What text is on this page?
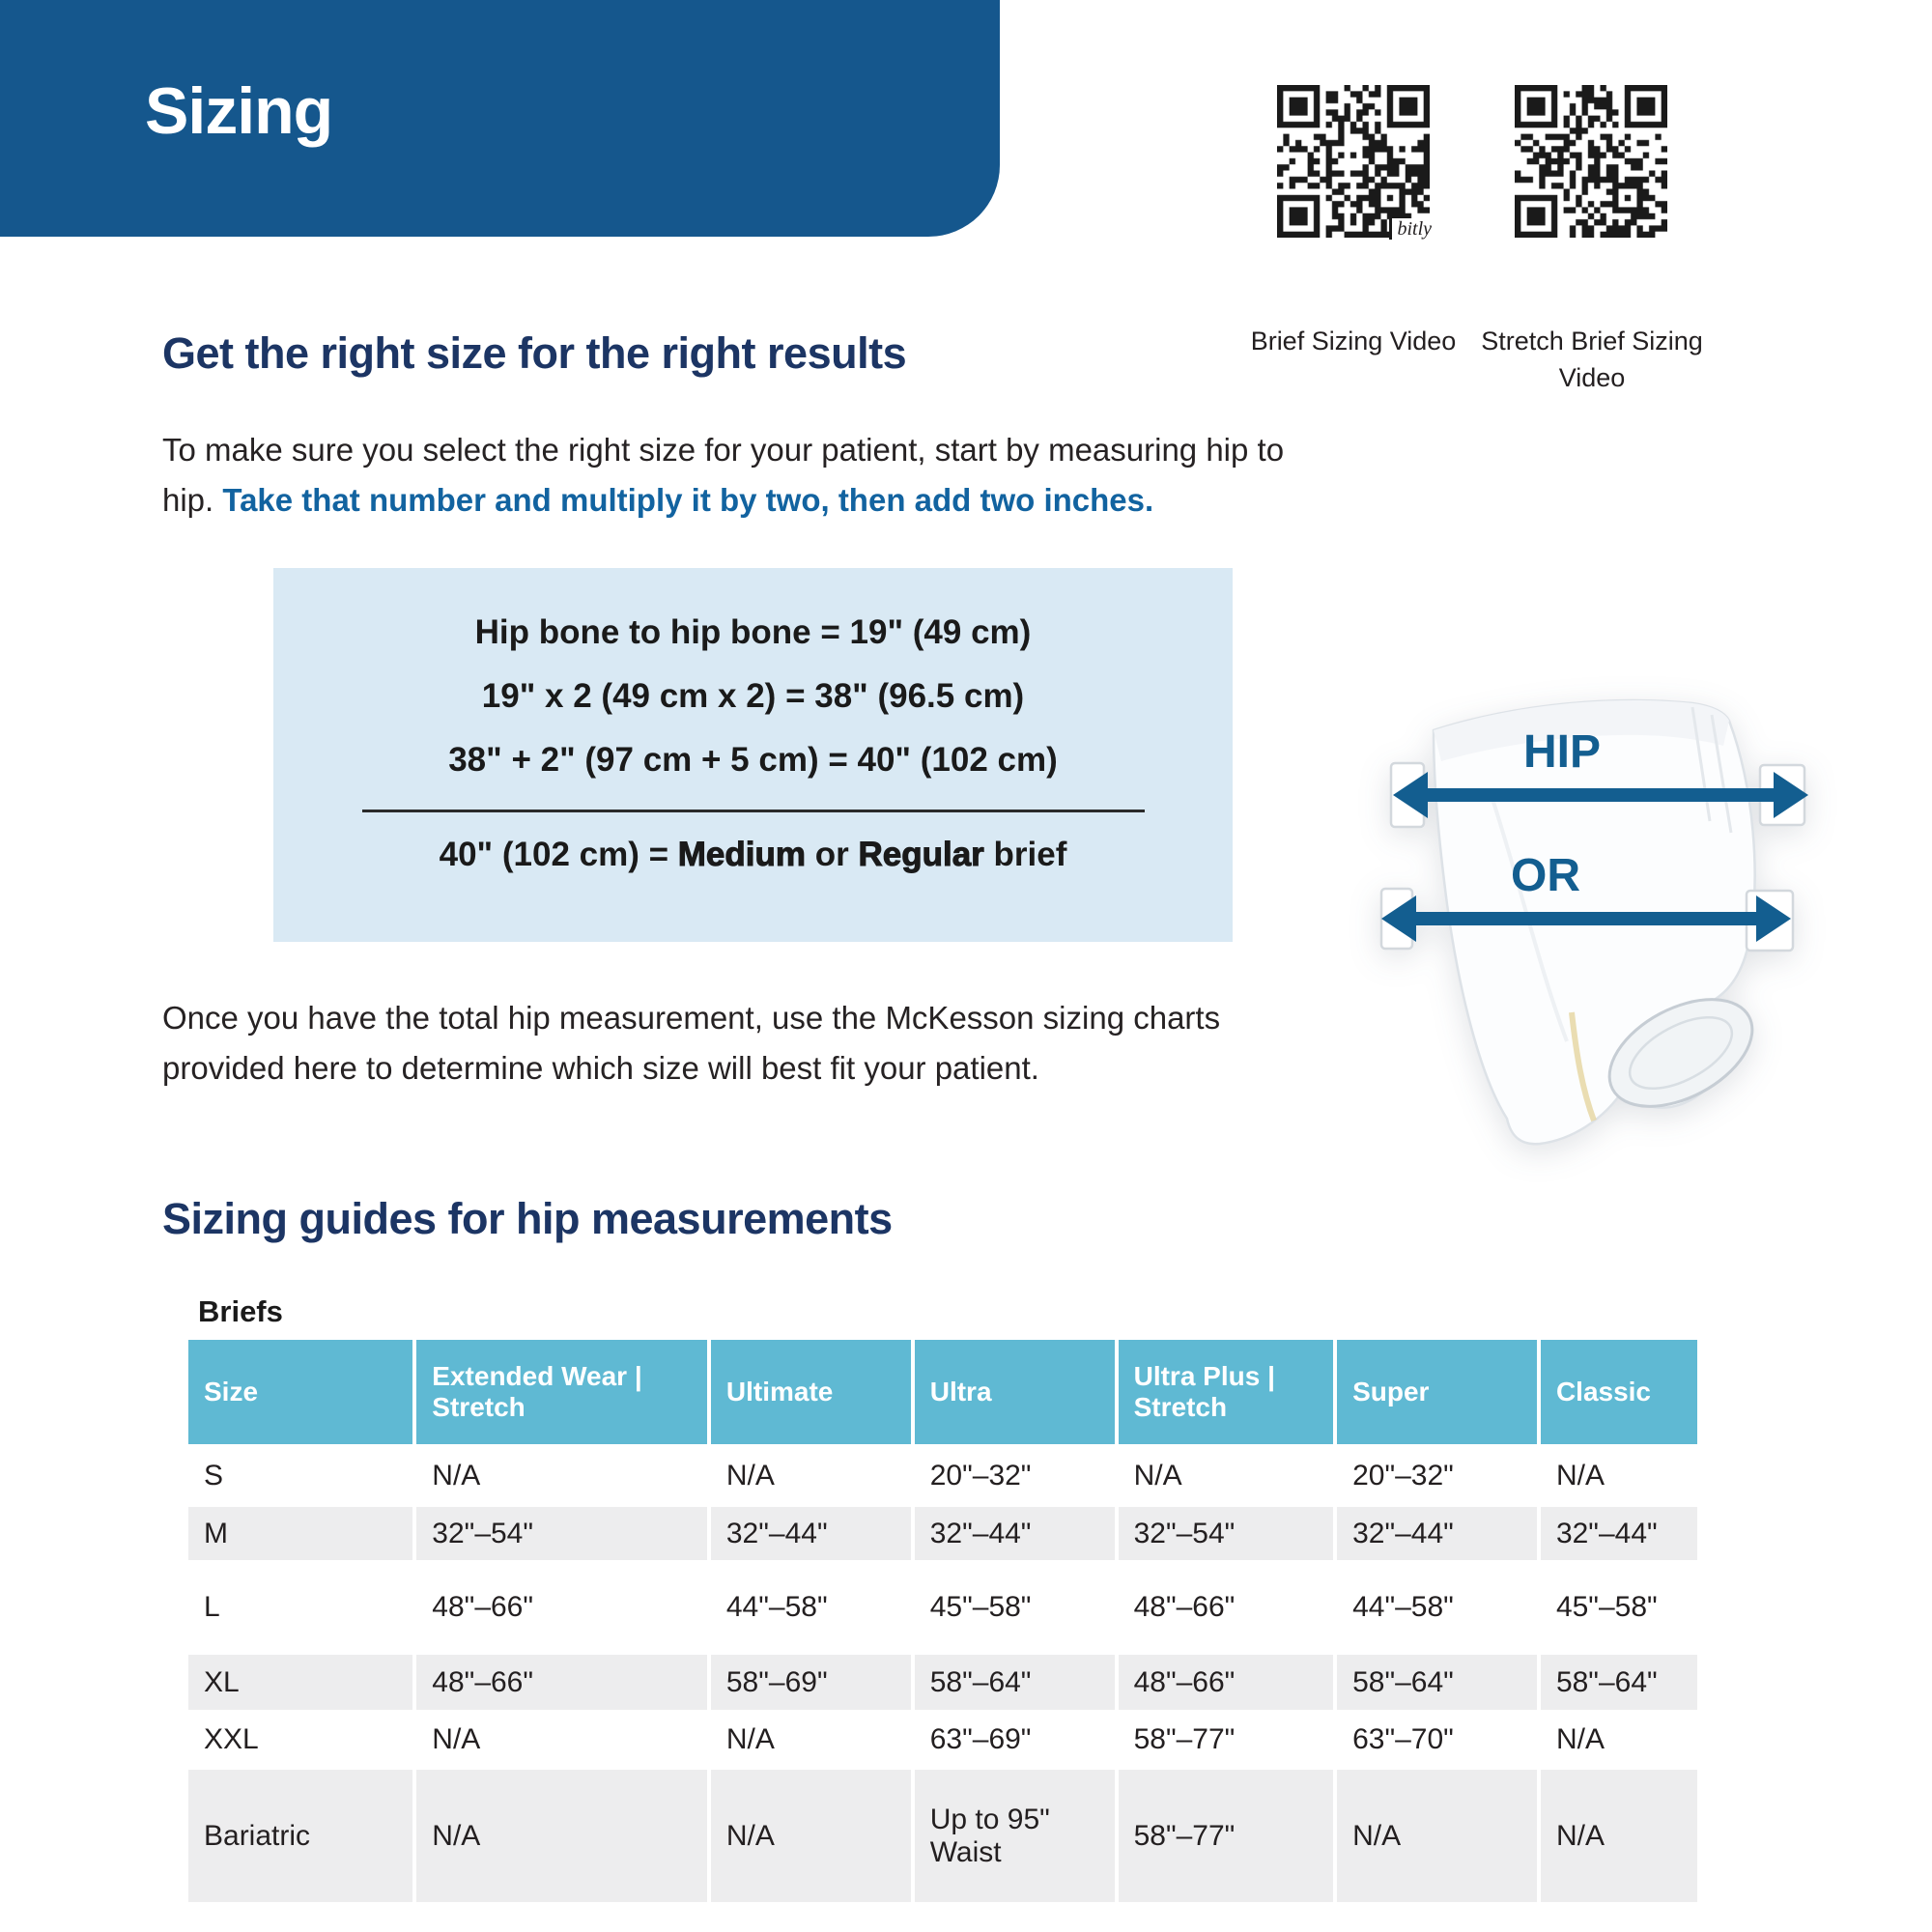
Sizing
bitly
Brief Sizing Video Stretch Brief Sizing Video
Get the right size for the right results

To make sure you select the right size for your patient, start by measuring hip to hip. Take that number and multiply it by two, then add two inches.

Hip bone to hip bone = 19" (49 cm)
19" x 2 (49 cm x 2) = 38" (96.5 cm)
38" + 2" (97 cm + 5 cm) = 40" (102 cm)
40" (102 cm) = Medium or Regular brief
HIP
OR

Once you have the total hip measurement, use the McKesson sizing charts provided here to determine which size will best fit your patient.

Sizing guides for hip measurements
Briefs
Size	Extended Wear | Stretch	Ultimate	Ultra	Ultra Plus | Stretch	Super	Classic
S	N/A	N/A	20"–32"	N/A	20"–32"	N/A
M	32"–54"	32"–44"	32"–44"	32"–54"	32"–44"	32"–44"
L	48"–66"	44"–58"	45"–58"	48"–66"	44"–58"	45"–58"
XL	48"–66"	58"–69"	58"–64"	48"–66"	58"–64"	58"–64"
XXL	N/A	N/A	63"–69"	58"–77"	63"–70"	N/A
Bariatric	N/A	N/A	Up to 95" Waist	58"–77"	N/A	N/A
